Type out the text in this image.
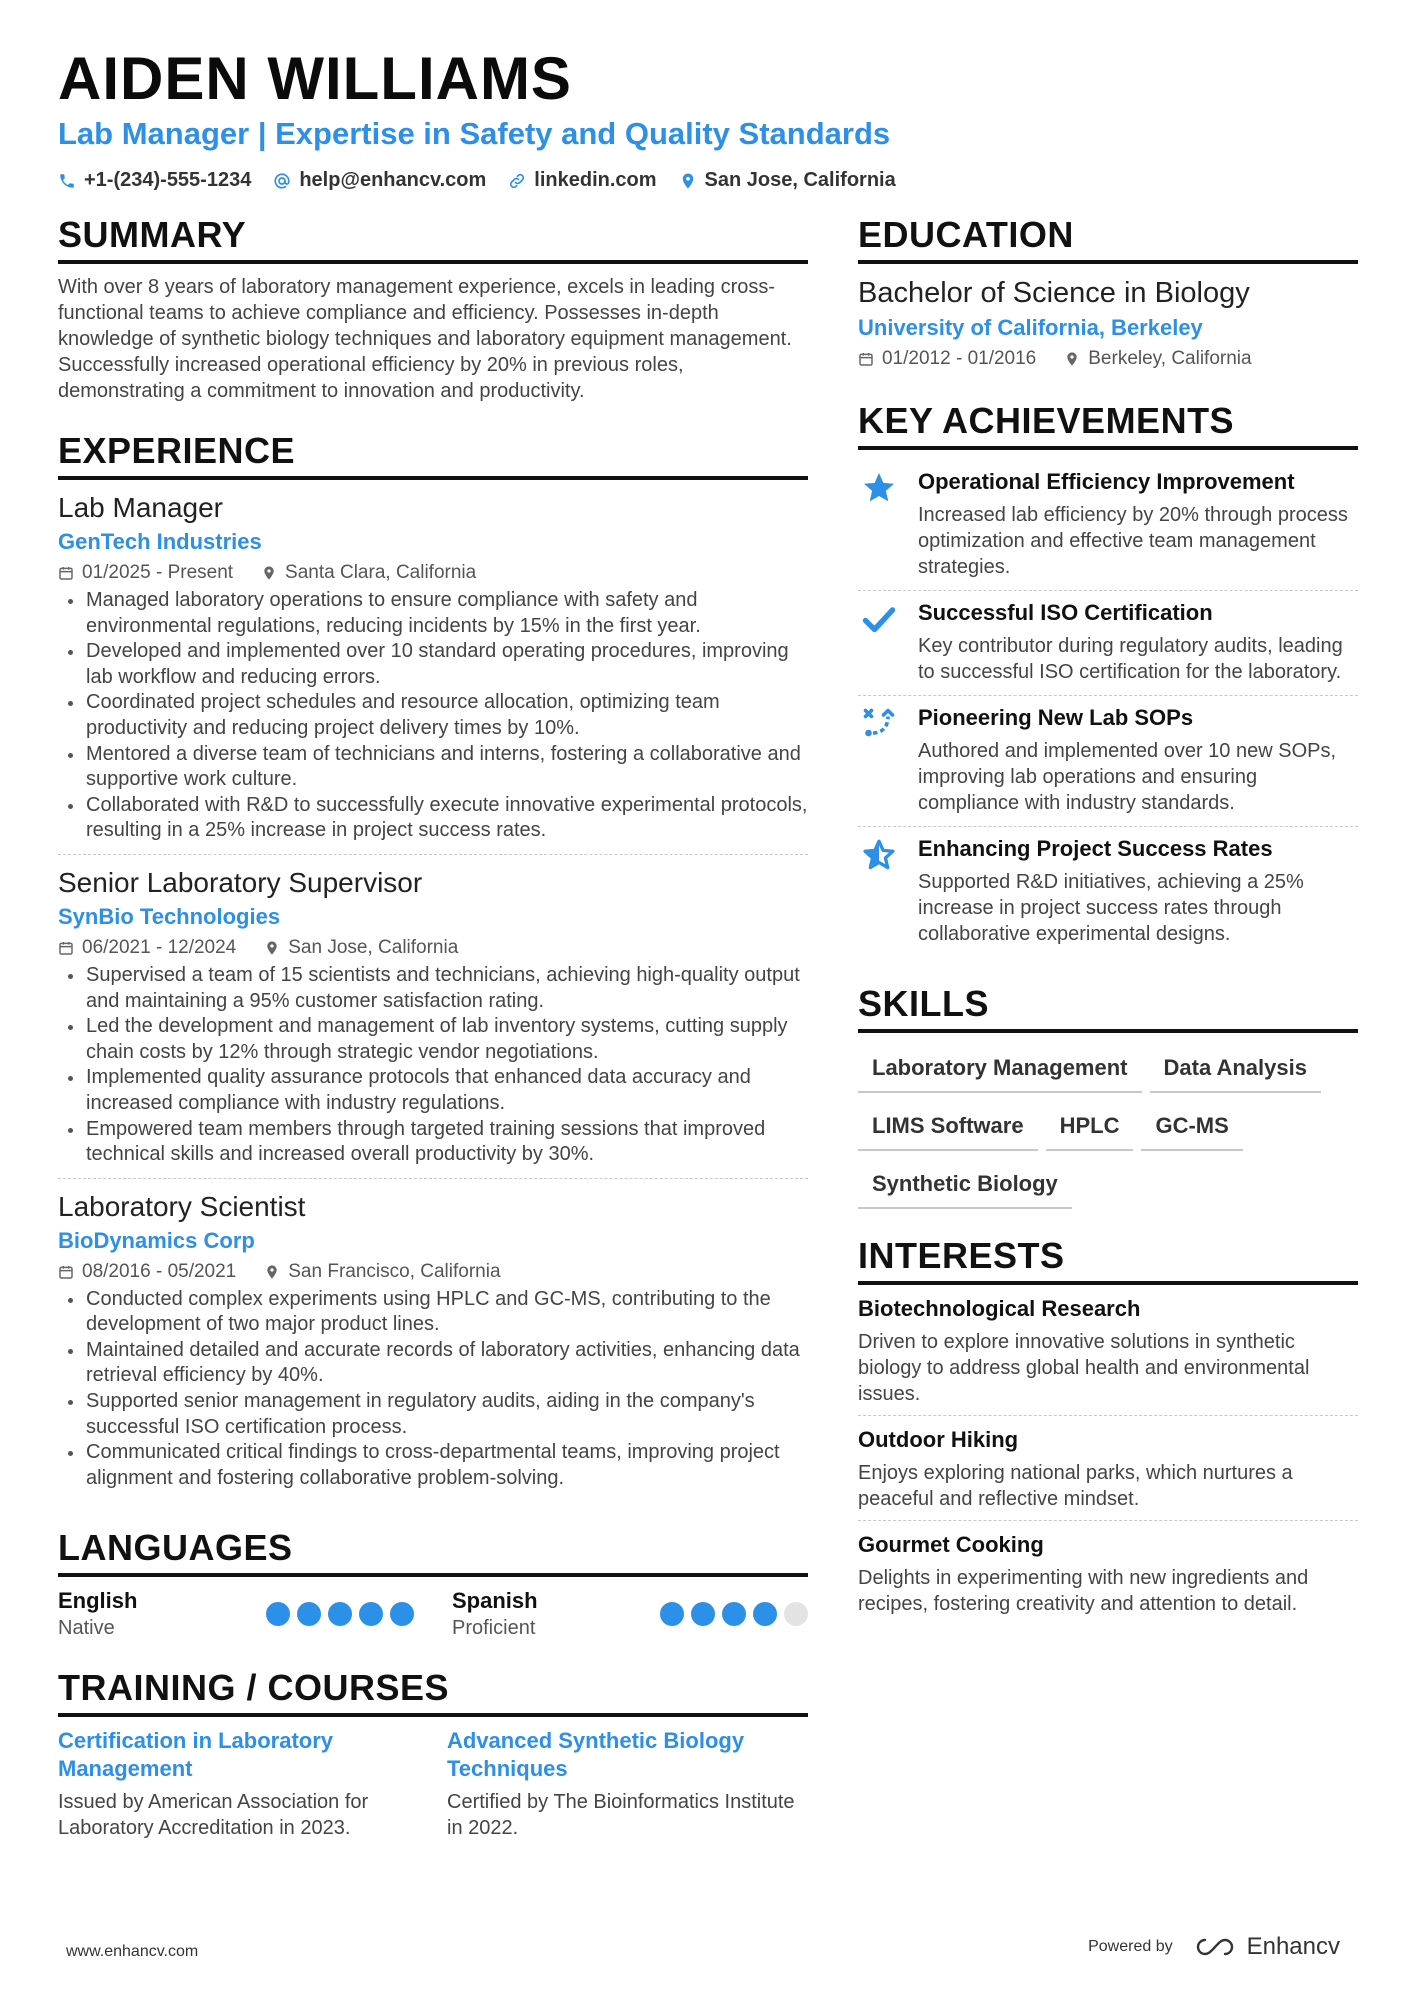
AIDEN WILLIAMS
Lab Manager | Expertise in Safety and Quality Standards
+1-(234)-555-1234 help@enhancv.com linkedin.com San Jose, California
SUMMARY
With over 8 years of laboratory management experience, excels in leading cross-functional teams to achieve compliance and efficiency. Possesses in-depth knowledge of synthetic biology techniques and laboratory equipment management. Successfully increased operational efficiency by 20% in previous roles, demonstrating a commitment to innovation and productivity.
EXPERIENCE
Lab Manager
GenTech Industries
01/2025 - Present	Santa Clara, California
Managed laboratory operations to ensure compliance with safety and environmental regulations, reducing incidents by 15% in the first year.
Developed and implemented over 10 standard operating procedures, improving lab workflow and reducing errors.
Coordinated project schedules and resource allocation, optimizing team productivity and reducing project delivery times by 10%.
Mentored a diverse team of technicians and interns, fostering a collaborative and supportive work culture.
Collaborated with R&D to successfully execute innovative experimental protocols, resulting in a 25% increase in project success rates.
Senior Laboratory Supervisor
SynBio Technologies
06/2021 - 12/2024	San Jose, California
Supervised a team of 15 scientists and technicians, achieving high-quality output and maintaining a 95% customer satisfaction rating.
Led the development and management of lab inventory systems, cutting supply chain costs by 12% through strategic vendor negotiations.
Implemented quality assurance protocols that enhanced data accuracy and increased compliance with industry regulations.
Empowered team members through targeted training sessions that improved technical skills and increased overall productivity by 30%.
Laboratory Scientist
BioDynamics Corp
08/2016 - 05/2021	San Francisco, California
Conducted complex experiments using HPLC and GC-MS, contributing to the development of two major product lines.
Maintained detailed and accurate records of laboratory activities, enhancing data retrieval efficiency by 40%.
Supported senior management in regulatory audits, aiding in the company's successful ISO certification process.
Communicated critical findings to cross-departmental teams, improving project alignment and fostering collaborative problem-solving.
LANGUAGES
English
Native
Spanish
Proficient
TRAINING / COURSES
Certification in Laboratory Management
Issued by American Association for Laboratory Accreditation in 2023.
Advanced Synthetic Biology Techniques
Certified by The Bioinformatics Institute in 2022.
EDUCATION
Bachelor of Science in Biology
University of California, Berkeley
01/2012 - 01/2016	Berkeley, California
KEY ACHIEVEMENTS
Operational Efficiency Improvement
Increased lab efficiency by 20% through process optimization and effective team management strategies.
Successful ISO Certification
Key contributor during regulatory audits, leading to successful ISO certification for the laboratory.
Pioneering New Lab SOPs
Authored and implemented over 10 new SOPs, improving lab operations and ensuring compliance with industry standards.
Enhancing Project Success Rates
Supported R&D initiatives, achieving a 25% increase in project success rates through collaborative experimental designs.
SKILLS
Laboratory Management	Data Analysis
LIMS Software	HPLC	GC-MS
Synthetic Biology
INTERESTS
Biotechnological Research
Driven to explore innovative solutions in synthetic biology to address global health and environmental issues.
Outdoor Hiking
Enjoys exploring national parks, which nurtures a peaceful and reflective mindset.
Gourmet Cooking
Delights in experimenting with new ingredients and recipes, fostering creativity and attention to detail.
www.enhancv.com	Powered by	Enhancv
